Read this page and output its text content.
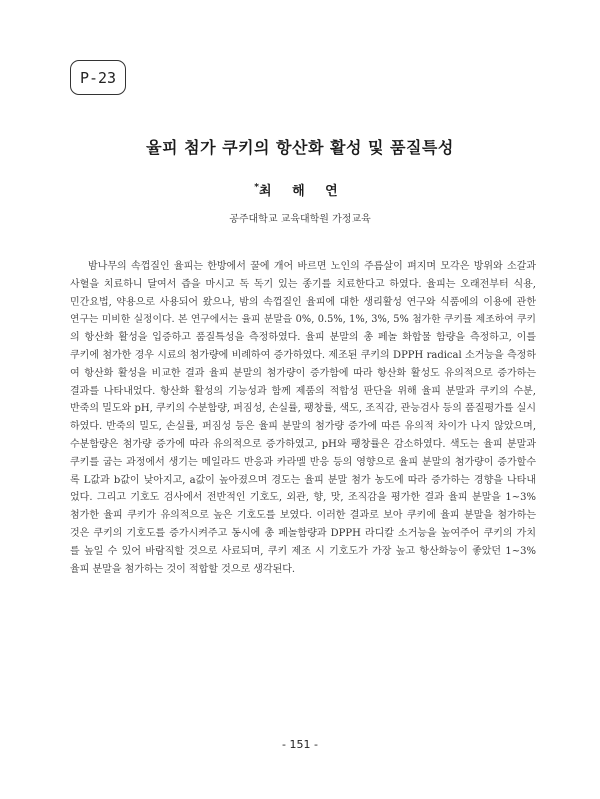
P-23
율피 첨가 쿠키의 항산화 활성 및 품질특성
*최 해 연
공주대학교 교육대학원 가정교육
밤나무의 속껍질인 율피는 한방에서 꿀에 개어 바르면 노인의 주름살이 펴지며 모각은 방위와 소갈과
사혈을 치료하니 달여서 즙을 마시고 독 독기 있는 종기를 치료한다고 하였다. 율피는 오래전부터 식용,
민간요법, 약용으로 사용되어 왔으나, 밤의 속껍질인 율피에 대한 생리활성 연구와 식품에의 이용에 관한
연구는 미비한 실정이다. 본 연구에서는 율피 분말을 0%, 0.5%, 1%, 3%, 5% 첨가한 쿠키를 제조하여 쿠키
의 항산화 활성을 입증하고 품질특성을 측정하였다. 율피 분말의 총 페놀 화합물 함량을 측정하고, 이를
쿠키에 첨가한 경우 시료의 첨가량에 비례하여 증가하였다. 제조된 쿠키의 DPPH radical 소거능을 측정하
여 항산화 활성을 비교한 결과 율피 분말의 첨가량이 증가함에 따라 항산화 활성도 유의적으로 증가하는
결과를 나타내었다. 항산화 활성의 기능성과 함께 제품의 적합성 판단을 위해 율피 분말과 쿠키의 수분,
반죽의 밀도와 pH, 쿠키의 수분함량, 퍼짐성, 손실률, 팽창률, 색도, 조직감, 관능검사 등의 품질평가를 실시
하였다. 반죽의 밀도, 손실률, 퍼짐성 등은 율피 분말의 첨가량 증가에 따른 유의적 차이가 나지 않았으며,
수분함량은 첨가량 증가에 따라 유의적으로 증가하였고, pH와 팽창률은 감소하였다. 색도는 율피 분말과
쿠키를 굽는 과정에서 생기는 메일라드 반응과 카라멜 반응 등의 영향으로 율피 분말의 첨가량이 증가할수
록 L값과 b값이 낮아지고, a값이 높아졌으며 경도는 율피 분말 첨가 농도에 따라 증가하는 경향을 나타내
었다. 그리고 기호도 검사에서 전반적인 기호도, 외관, 향, 맛, 조직감을 평가한 결과 율피 분말을 1~3%
첨가한 율피 쿠키가 유의적으로 높은 기호도를 보였다. 이러한 결과로 보아 쿠키에 율피 분말을 첨가하는
것은 쿠키의 기호도를 증가시켜주고 동시에 총 페놀함량과 DPPH 라디칼 소거능을 높여주어 쿠키의 가치
를 높일 수 있어 바람직할 것으로 사료되며, 쿠키 제조 시 기호도가 가장 높고 항산화능이 좋았던 1~3%
율피 분말을 첨가하는 것이 적합할 것으로 생각된다.
- 151 -
